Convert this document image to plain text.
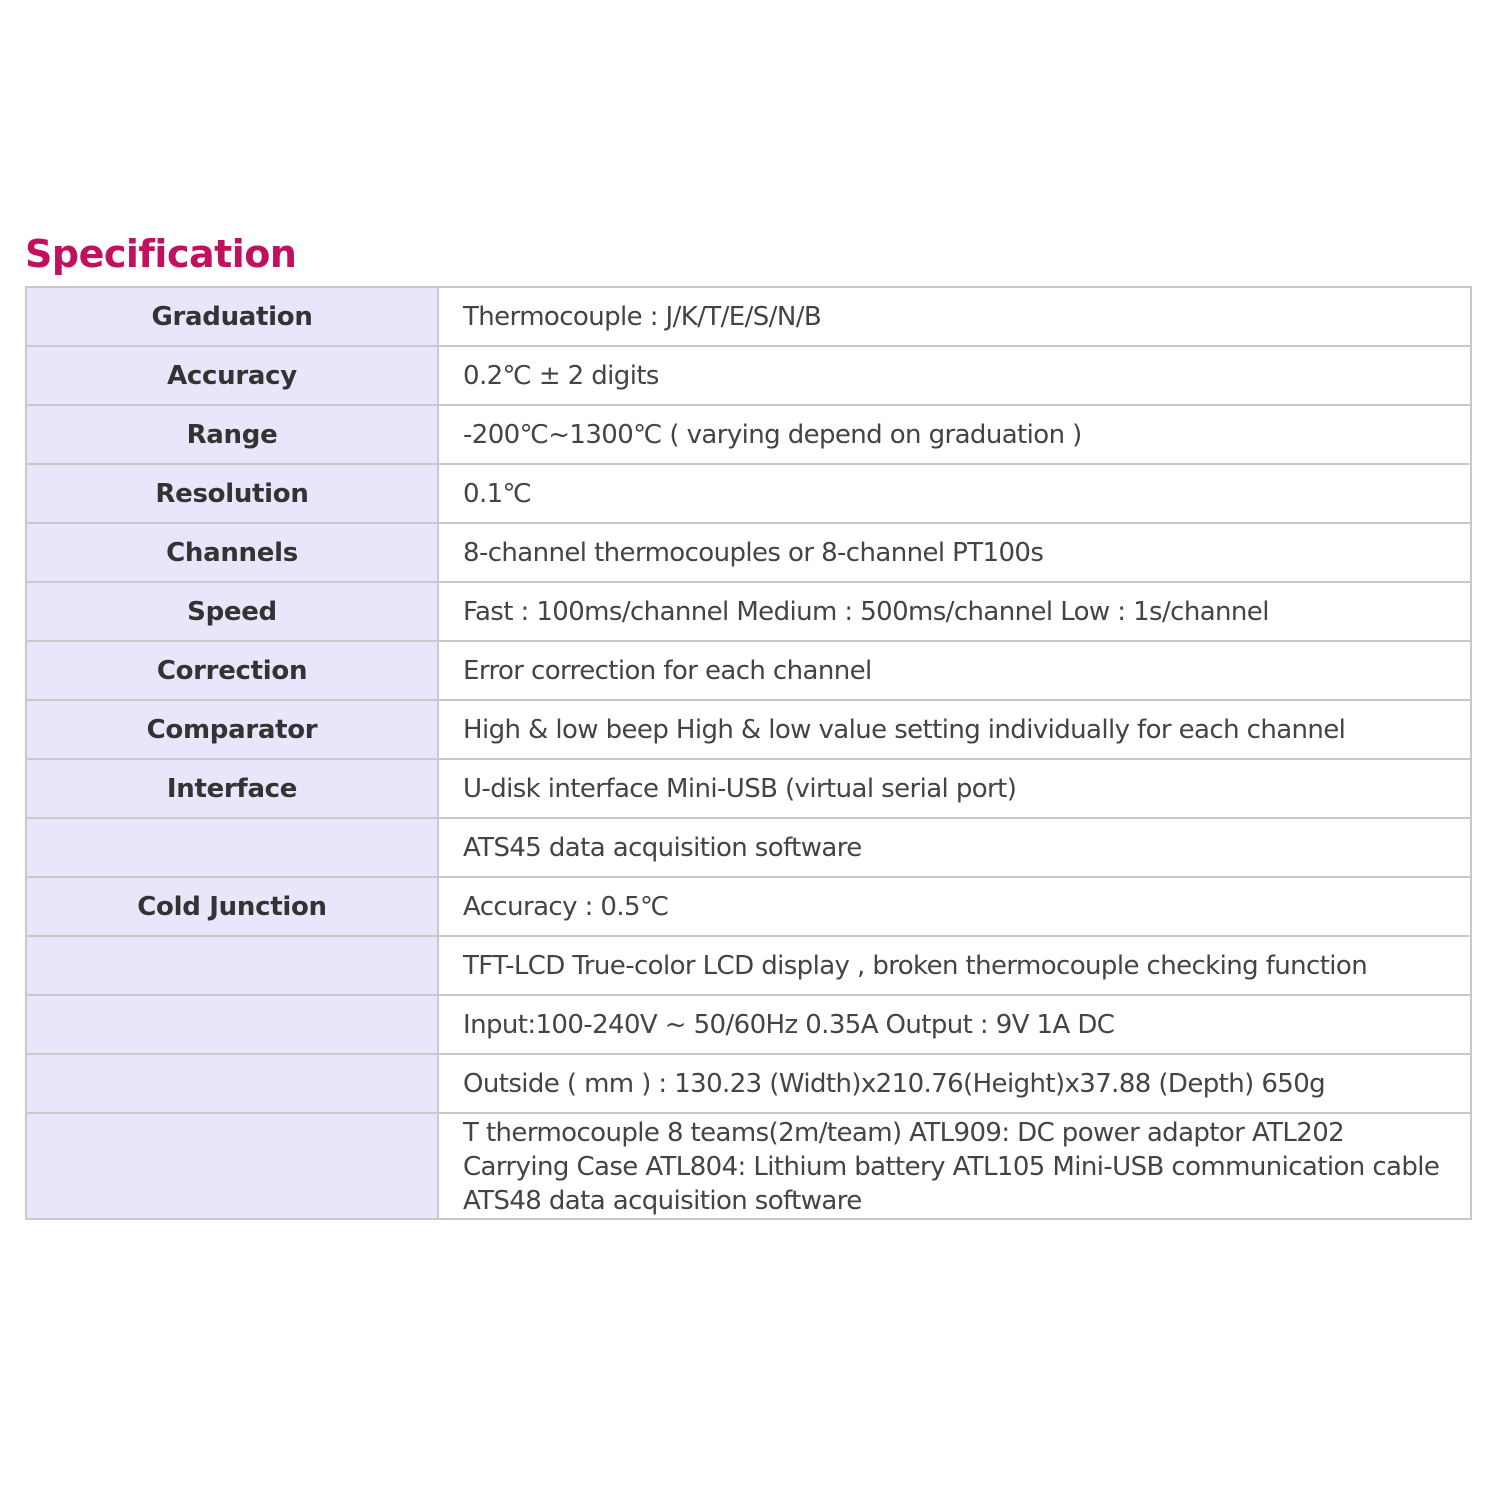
Specification
Graduation	Thermocouple : J/K/T/E/S/N/B
Accuracy	0.2℃ ± 2 digits
Range	-200℃~1300℃ ( varying depend on graduation )
Resolution	0.1℃
Channels	8-channel thermocouples or 8-channel PT100s
Speed	Fast : 100ms/channel Medium : 500ms/channel Low : 1s/channel
Correction	Error correction for each channel
Comparator	High & low beep High & low value setting individually for each channel
Interface	U-disk interface Mini-USB (virtual serial port)
	ATS45 data acquisition software
Cold Junction	Accuracy : 0.5℃
	TFT-LCD True-color LCD display , broken thermocouple checking function
	Input:100-240V ~ 50/60Hz 0.35A Output : 9V 1A DC
	Outside ( mm ) : 130.23 (Width)x210.76(Height)x37.88 (Depth) 650g
	T thermocouple 8 teams(2m/team) ATL909: DC power adaptor ATL202 Carrying Case ATL804: Lithium battery ATL105 Mini-USB communication cable ATS48 data acquisition software
